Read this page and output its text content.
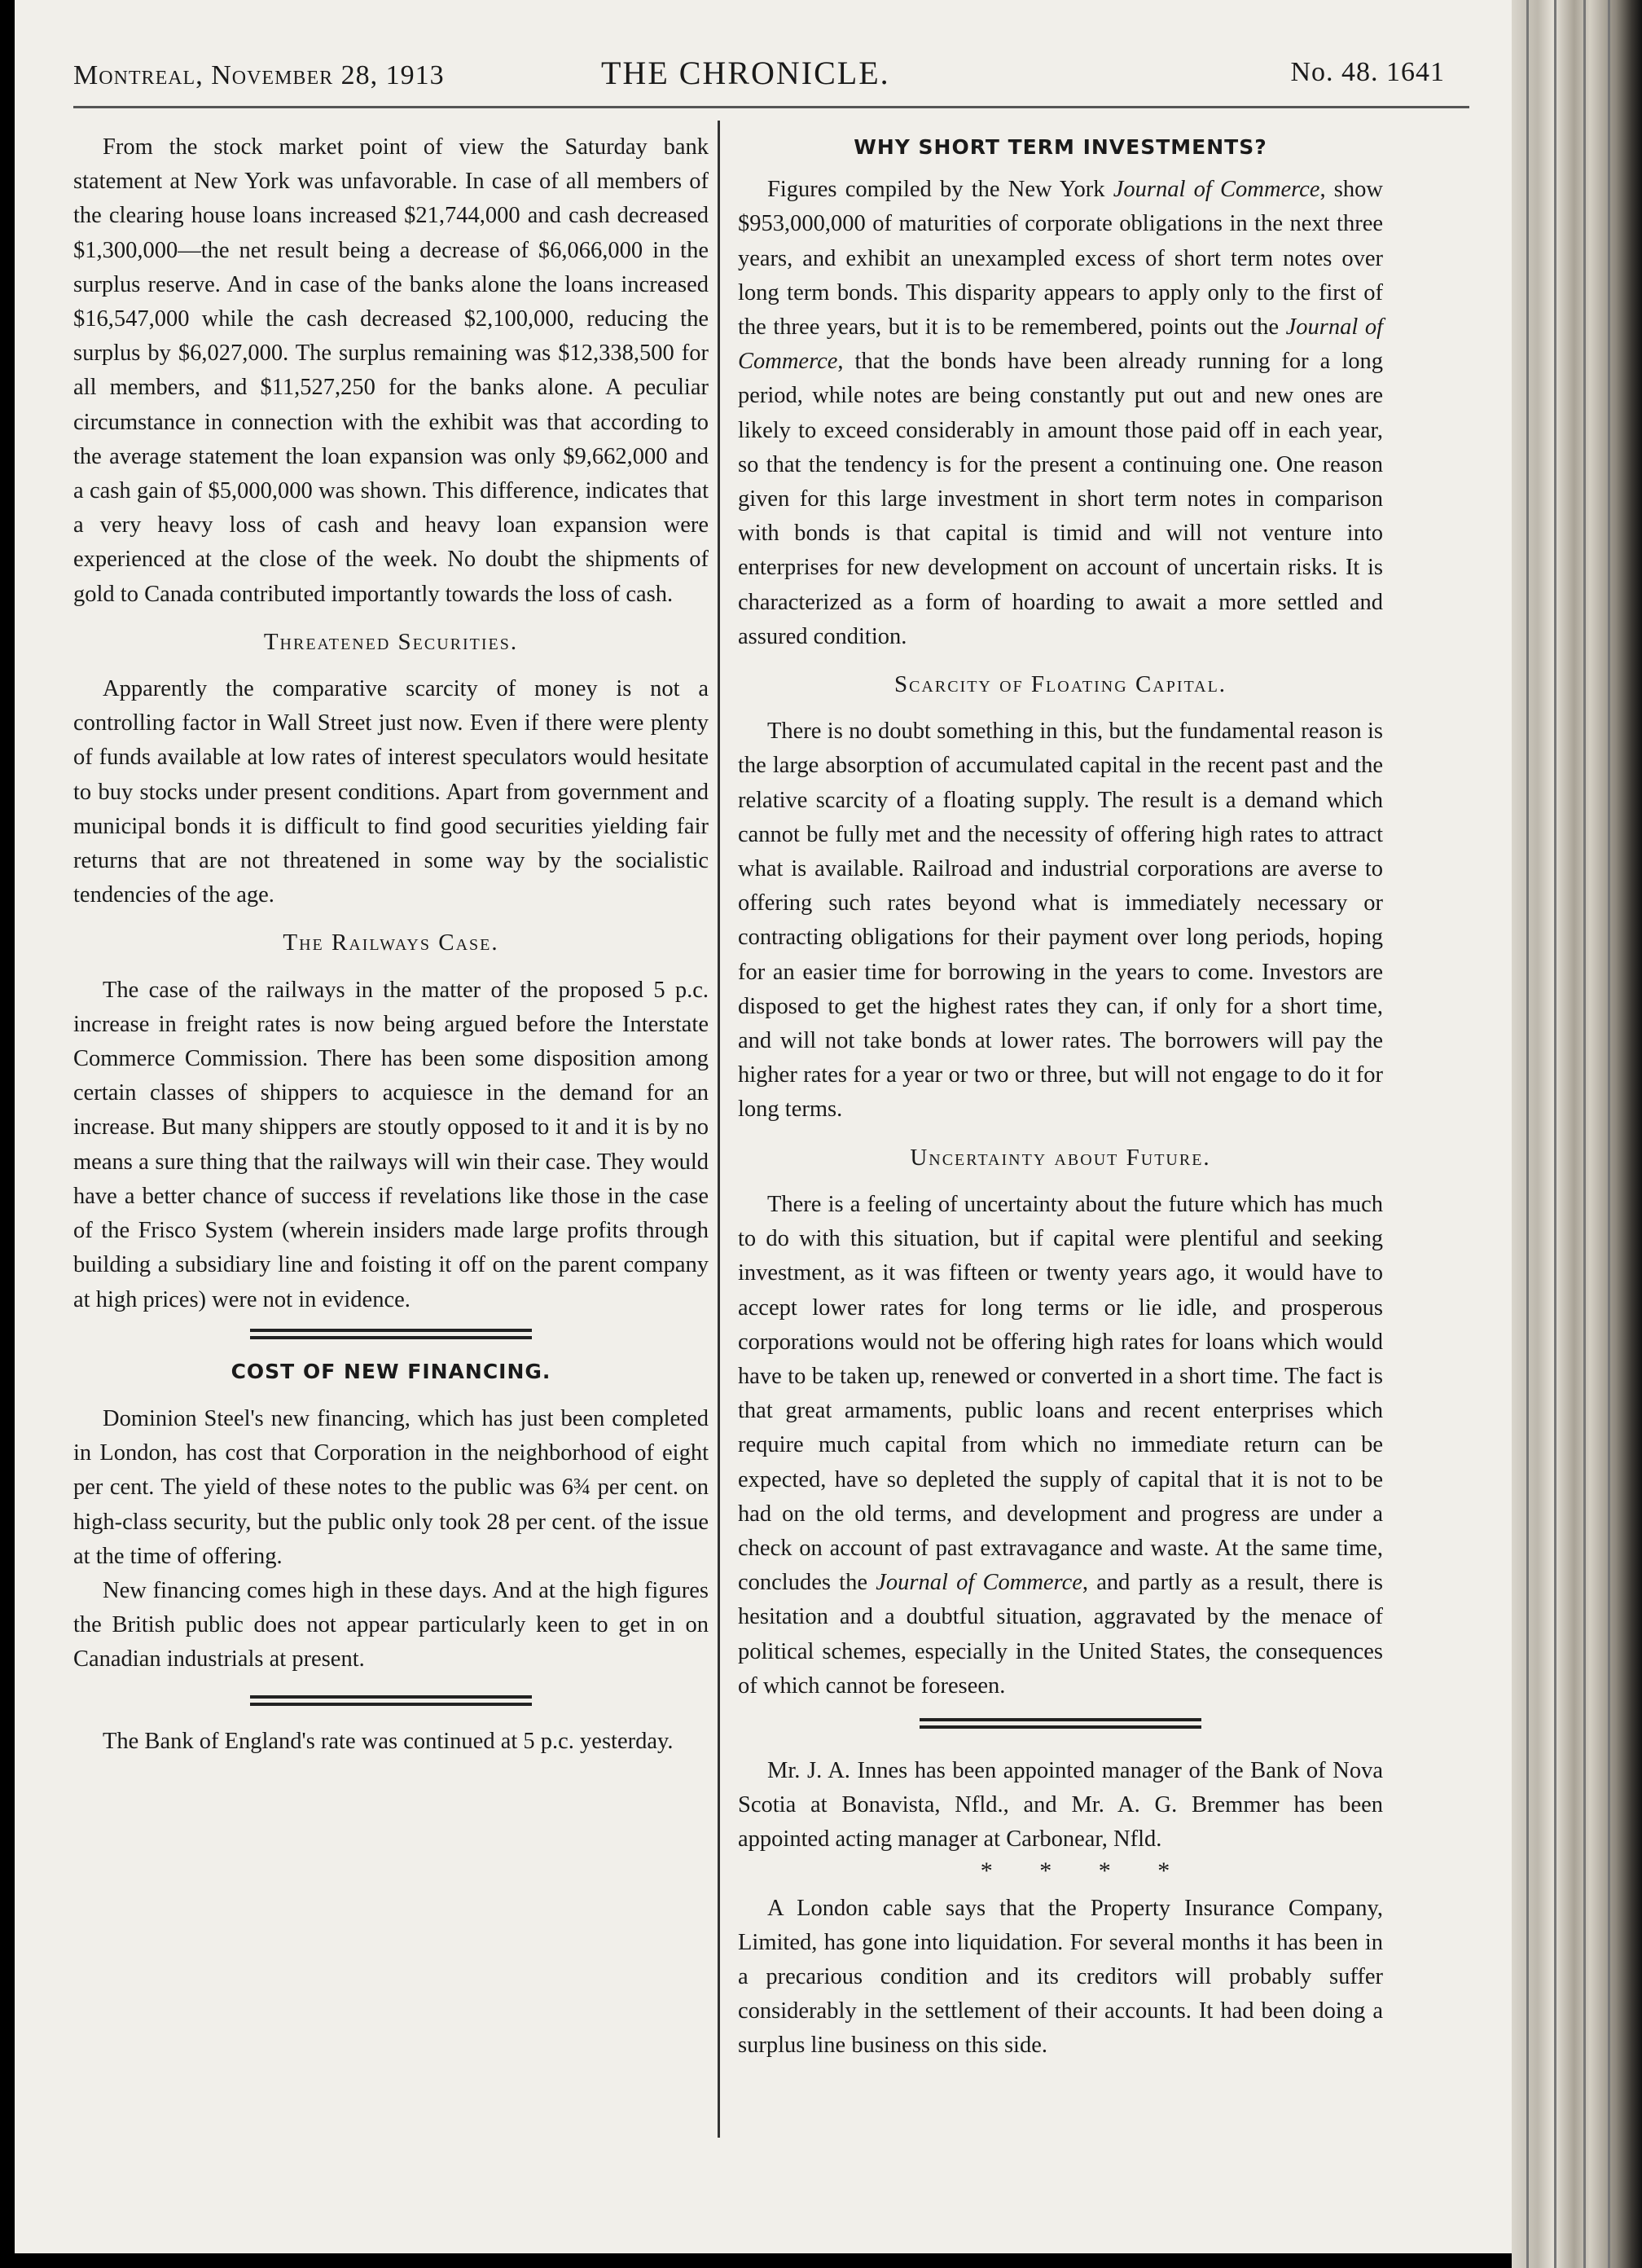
Montreal, November 28, 1913	THE CHRONICLE.	No. 48. 1641

From the stock market point of view the Saturday bank statement at New York was unfavorable. In case of all members of the clearing house loans increased $21,744,000 and cash decreased $1,300,000—the net result being a decrease of $6,066,000 in the surplus reserve. And in case of the banks alone the loans increased $16,547,000 while the cash decreased $2,100,000, reducing the surplus by $6,027,000. The surplus remaining was $12,338,500 for all members, and $11,527,250 for the banks alone. A peculiar circumstance in connection with the exhibit was that according to the average statement the loan expansion was only $9,662,000 and a cash gain of $5,000,000 was shown. This difference, indicates that a very heavy loss of cash and heavy loan expansion were experienced at the close of the week. No doubt the shipments of gold to Canada contributed importantly towards the loss of cash.

Threatened Securities.

Apparently the comparative scarcity of money is not a controlling factor in Wall Street just now. Even if there were plenty of funds available at low rates of interest speculators would hesitate to buy stocks under present conditions. Apart from government and municipal bonds it is difficult to find good securities yielding fair returns that are not threatened in some way by the socialistic tendencies of the age.

The Railways Case.

The case of the railways in the matter of the proposed 5 p.c. increase in freight rates is now being argued before the Interstate Commerce Commission. There has been some disposition among certain classes of shippers to acquiesce in the demand for an increase. But many shippers are stoutly opposed to it and it is by no means a sure thing that the railways will win their case. They would have a better chance of success if revelations like those in the case of the Frisco System (wherein insiders made large profits through building a subsidiary line and foisting it off on the parent company at high prices) were not in evidence.

COST OF NEW FINANCING.

Dominion Steel's new financing, which has just been completed in London, has cost that Corporation in the neighborhood of eight per cent. The yield of these notes to the public was 6¾ per cent. on high-class security, but the public only took 28 per cent. of the issue at the time of offering.

New financing comes high in these days. And at the high figures the British public does not appear particularly keen to get in on Canadian industrials at present.

The Bank of England's rate was continued at 5 p.c. yesterday.

WHY SHORT TERM INVESTMENTS?

Figures compiled by the New York Journal of Commerce, show $953,000,000 of maturities of corporate obligations in the next three years, and exhibit an unexampled excess of short term notes over long term bonds. This disparity appears to apply only to the first of the three years, but it is to be remembered, points out the Journal of Commerce, that the bonds have been already running for a long period, while notes are being constantly put out and new ones are likely to exceed considerably in amount those paid off in each year, so that the tendency is for the present a continuing one. One reason given for this large investment in short term notes in comparison with bonds is that capital is timid and will not venture into enterprises for new development on account of uncertain risks. It is characterized as a form of hoarding to await a more settled and assured condition.

Scarcity of Floating Capital.

There is no doubt something in this, but the fundamental reason is the large absorption of accumulated capital in the recent past and the relative scarcity of a floating supply. The result is a demand which cannot be fully met and the necessity of offering high rates to attract what is available. Railroad and industrial corporations are averse to offering such rates beyond what is immediately necessary or contracting obligations for their payment over long periods, hoping for an easier time for borrowing in the years to come. Investors are disposed to get the highest rates they can, if only for a short time, and will not take bonds at lower rates. The borrowers will pay the higher rates for a year or two or three, but will not engage to do it for long terms.

Uncertainty about Future.

There is a feeling of uncertainty about the future which has much to do with this situation, but if capital were plentiful and seeking investment, as it was fifteen or twenty years ago, it would have to accept lower rates for long terms or lie idle, and prosperous corporations would not be offering high rates for loans which would have to be taken up, renewed or converted in a short time. The fact is that great armaments, public loans and recent enterprises which require much capital from which no immediate return can be expected, have so depleted the supply of capital that it is not to be had on the old terms, and development and progress are under a check on account of past extravagance and waste. At the same time, concludes the Journal of Commerce, and partly as a result, there is hesitation and a doubtful situation, aggravated by the menace of political schemes, especially in the United States, the consequences of which cannot be foreseen.

Mr. J. A. Innes has been appointed manager of the Bank of Nova Scotia at Bonavista, Nfld., and Mr. A. G. Bremmer has been appointed acting manager at Carbonear, Nfld.

* * * *

A London cable says that the Property Insurance Company, Limited, has gone into liquidation. For several months it has been in a precarious condition and its creditors will probably suffer considerably in the settlement of their accounts. It had been doing a surplus line business on this side.
